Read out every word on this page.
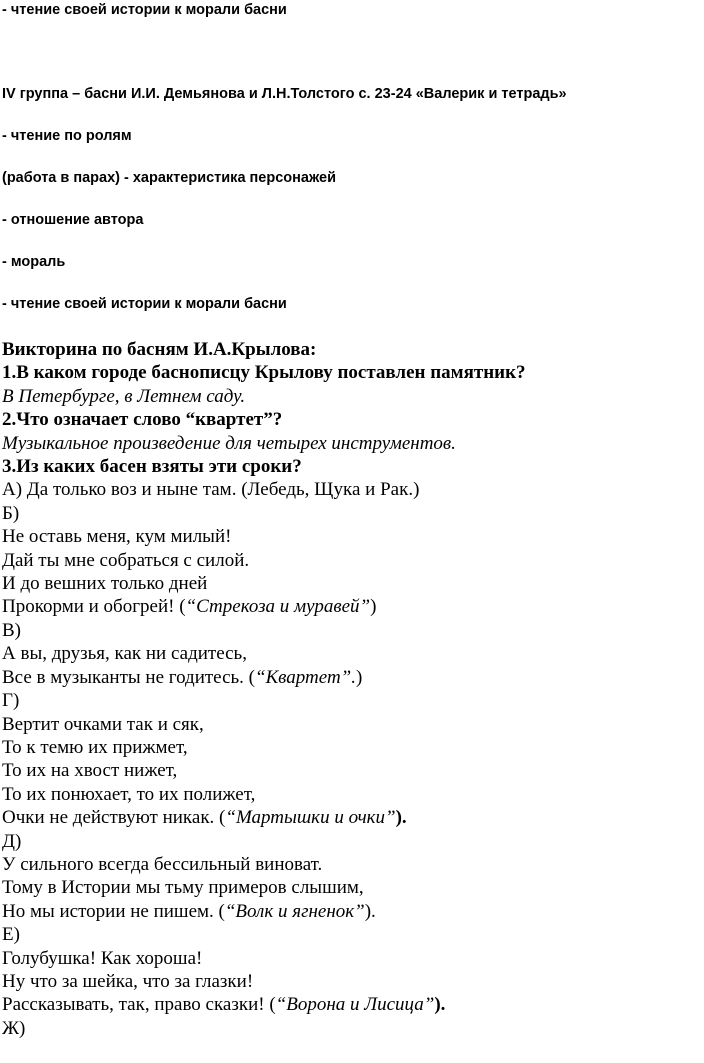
- чтение своей истории к морали басни
IV группа – басни И.И. Демьянова и Л.Н.Толстого с. 23-24 «Валерик и тетрадь»
- чтение по ролям
(работа в парах) - характеристика персонажей
- отношение автора
- мораль
- чтение своей истории к морали басни
Викторина по басням И.А.Крылова:
1.В каком городе баснописцу Крылову поставлен памятник?
В Петербурге, в Летнем саду.
2.Что означает слово “квартет”?
Музыкальное произведение для четырех инструментов.
3.Из каких басен взяты эти сроки?
А) Да только воз и ныне там. (Лебедь, Щука и Рак.)
Б)
Не оставь меня, кум милый!
Дай ты мне собраться с силой.
И до вешних только дней
Прокорми и обогрей! (“Стрекоза и муравей”)
В)
А вы, друзья, как ни садитесь,
Все в музыканты не годитесь. (“Квартет”.)
Г)
Вертит очками так и сяк,
То к темю их прижмет,
То их на хвост нижет,
То их понюхает, то их полижет,
Очки не действуют никак. (“Мартышки и очки”).
Д)
У сильного всегда бессильный виноват.
Тому в Истории мы тьму примеров слышим,
Но мы истории не пишем. (“Волк и ягненок”).
Е)
Голубушка! Как хороша!
Ну что за шейка, что за глазки!
Рассказывать, так, право сказки! (“Ворона и Лисица”).
Ж)
